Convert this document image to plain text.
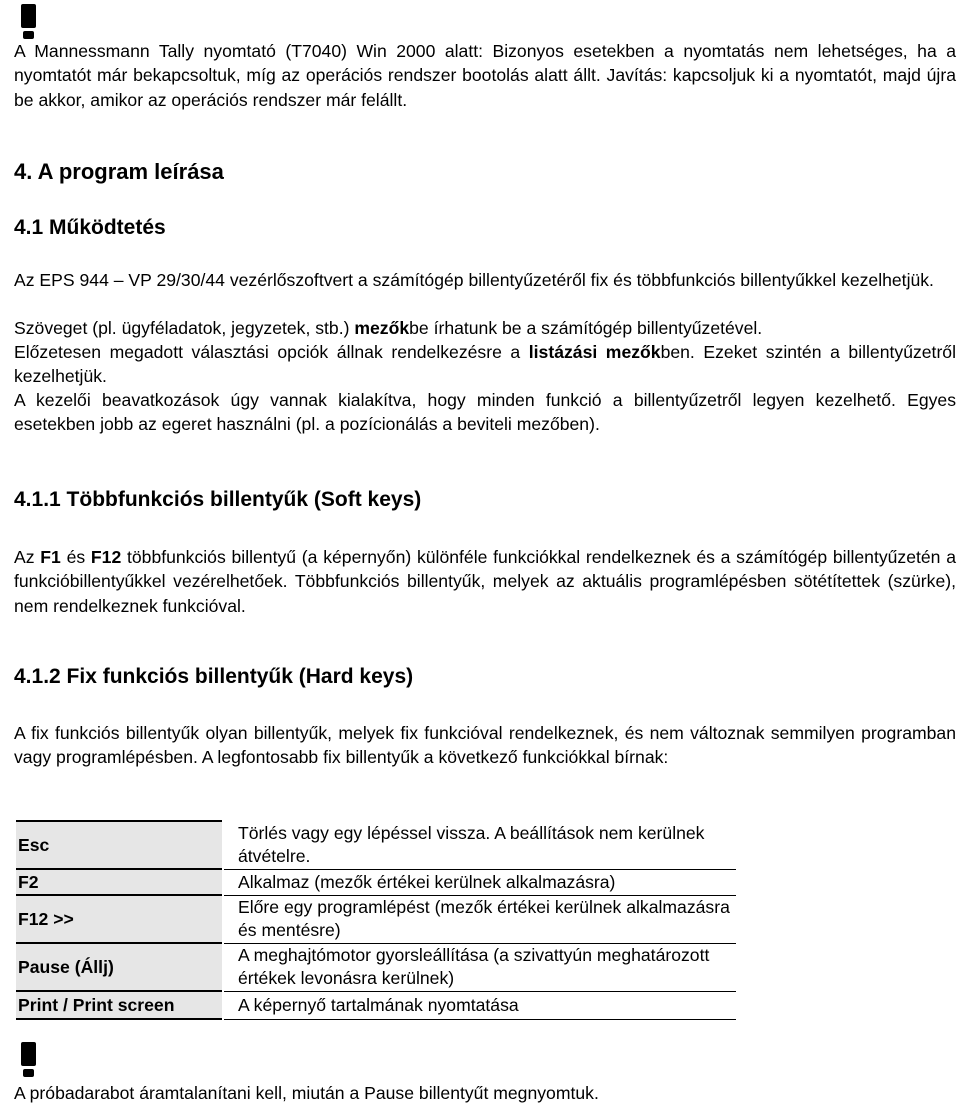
A Mannessmann Tally nyomtató (T7040) Win 2000 alatt: Bizonyos esetekben a nyomtatás nem lehetséges, ha a nyomtatót már bekapcsoltuk, míg az operációs rendszer bootolás alatt állt. Javítás: kapcsoljuk ki a nyomtatót, majd újra be akkor, amikor az operációs rendszer már felállt.
4. A program leírása
4.1 Működtetés
Az EPS 944 – VP 29/30/44 vezérlőszoftvert a számítógép billentyűzetéről fix és többfunkciós billentyűkkel kezelhetjük.
Szöveget (pl. ügyféladatok, jegyzetek, stb.) mezőkbe írhatunk be a számítógép billentyűzetével.
Előzetesen megadott választási opciók állnak rendelkezésre a listázási mezőkben. Ezeket szintén a billentyűzetről kezelhetjük.
A kezelői beavatkozások úgy vannak kialakítva, hogy minden funkció a billentyűzetről legyen kezelhető. Egyes esetekben jobb az egeret használni (pl. a pozícionálás a beviteli mezőben).
4.1.1 Többfunkciós billentyűk (Soft keys)
Az F1 és F12 többfunkciós billentyű (a képernyőn) különféle funkciókkal rendelkeznek és a számítógép billentyűzetén a funkcióbillentyűkkel vezérelhetőek. Többfunkciós billentyűk, melyek az aktuális programlépésben sötétítettek (szürke), nem rendelkeznek funkcióval.
4.1.2 Fix funkciós billentyűk (Hard keys)
A fix funkciós billentyűk olyan billentyűk, melyek fix funkcióval rendelkeznek, és nem változnak semmilyen programban vagy programlépésben. A legfontosabb fix billentyűk a következő funkciókkal bírnak:
Esc		Törlés vagy egy lépéssel vissza. A beállítások nem kerülnek átvételre.
F2		Alkalmaz (mezők értékei kerülnek alkalmazásra)
F12 >>		Előre egy programlépést (mezők értékei kerülnek alkalmazásra és mentésre)
Pause (Állj)		A meghajtómotor gyorsleállítása (a szivattyún meghatározott értékek levonásra kerülnek)
Print / Print screen		A képernyő tartalmának nyomtatása
A próbadarabot áramtalanítani kell, miután a Pause billentyűt megnyomtuk.
